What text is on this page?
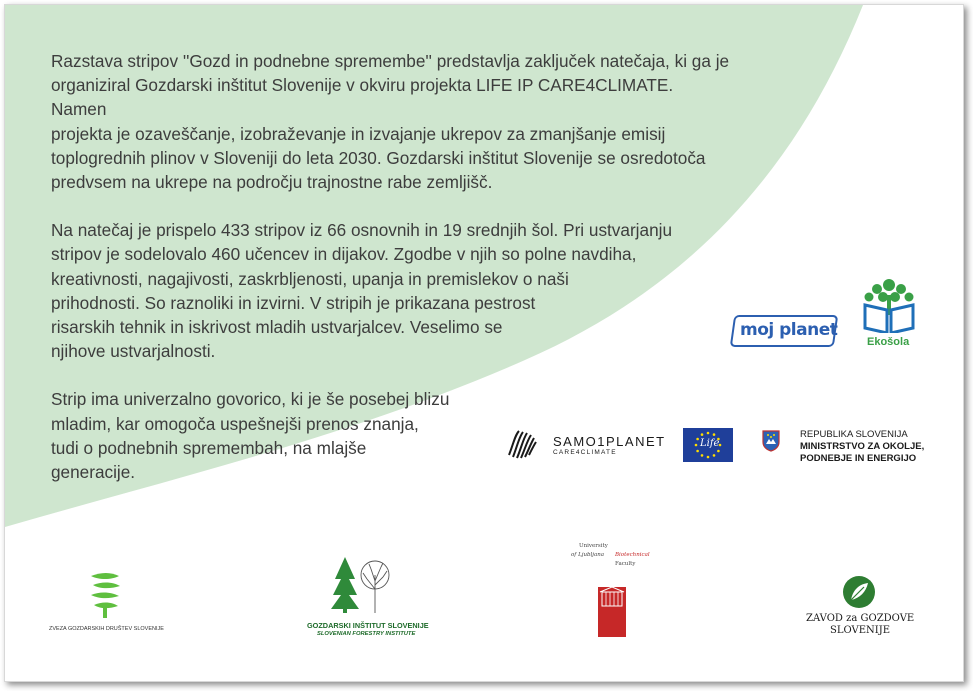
Razstava stripov ''Gozd in podnebne spremembe'' predstavlja zaključek natečaja, ki ga je
organiziral Gozdarski inštitut Slovenije v okviru projekta LIFE IP CARE4CLIMATE. Namen
projekta je ozaveščanje, izobraževanje in izvajanje ukrepov za zmanjšanje emisij
toplogrednih plinov v Sloveniji do leta 2030. Gozdarski inštitut Slovenije se osredotoča
predvsem na ukrepe na področju trajnostne rabe zemljišč.

Na natečaj je prispelo 433 stripov iz 66 osnovnih in 19 srednjih šol. Pri ustvarjanju
stripov je sodelovalo 460 učencev in dijakov. Zgodbe v njih so polne navdiha,
kreativnosti, nagajivosti, zaskrbljenosti, upanja in premislekov o naši
prihodnosti. So raznoliki in izvirni. V stripih je prikazana pestrost
risarskih tehnik in iskrivost mladih ustvarjalcev. Veselimo se
njihove ustvarjalnosti.

Strip ima univerzalno govorico, ki je še posebej blizu
mladim, kar omogoča uspešnejši prenos znanja,
tudi o podnebnih spremembah, na mlajše
generacije.

moj planet
Ekošola
SAMO1PLANET
CARE4CLIMATE
Life
REPUBLIKA SLOVENIJA
MINISTRSTVO ZA OKOLJE,
PODNEBJE IN ENERGIJO
ZVEZA GOZDARSKIH DRUŠTEV SLOVENIJE	GOZDARSKI INŠTITUT SLOVENIJE
SLOVENIAN FORESTRY INSTITUTE
University
of Ljubljana Biotechnical
Faculty
ZAVOD za GOZDOVE
SLOVENIJE
